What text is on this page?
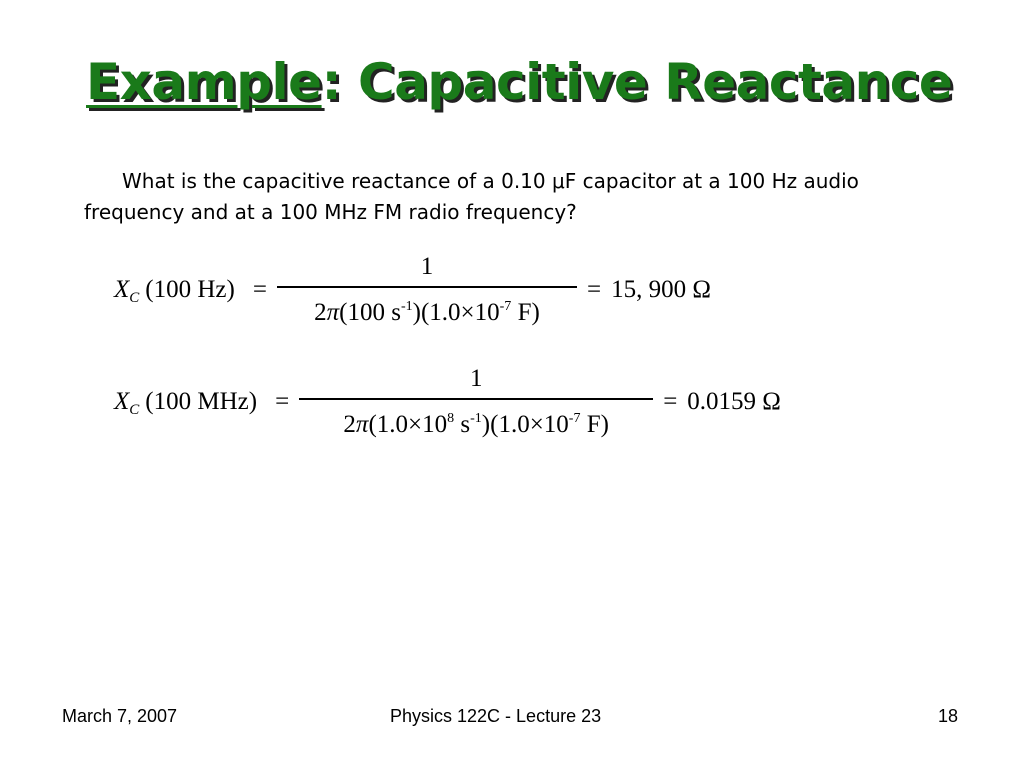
Example: Capacitive Reactance
What is the capacitive reactance of a 0.10 μF capacitor at a 100 Hz audio frequency and at a 100 MHz FM radio frequency?
X C (100 $Hz) = \frac{1}{2\pi(100 s^{-1})(1.0\times 10^{-7} F)} = 15$, 900 Ω
X C (100 $MHz) = \frac{1}{2\pi(1.0\times 10^8 s^{-1})(1.0\times 10^{-7} F)} = 0.0159$ Ω
March 7, 2007	Physics 122C - Lecture 23	18
